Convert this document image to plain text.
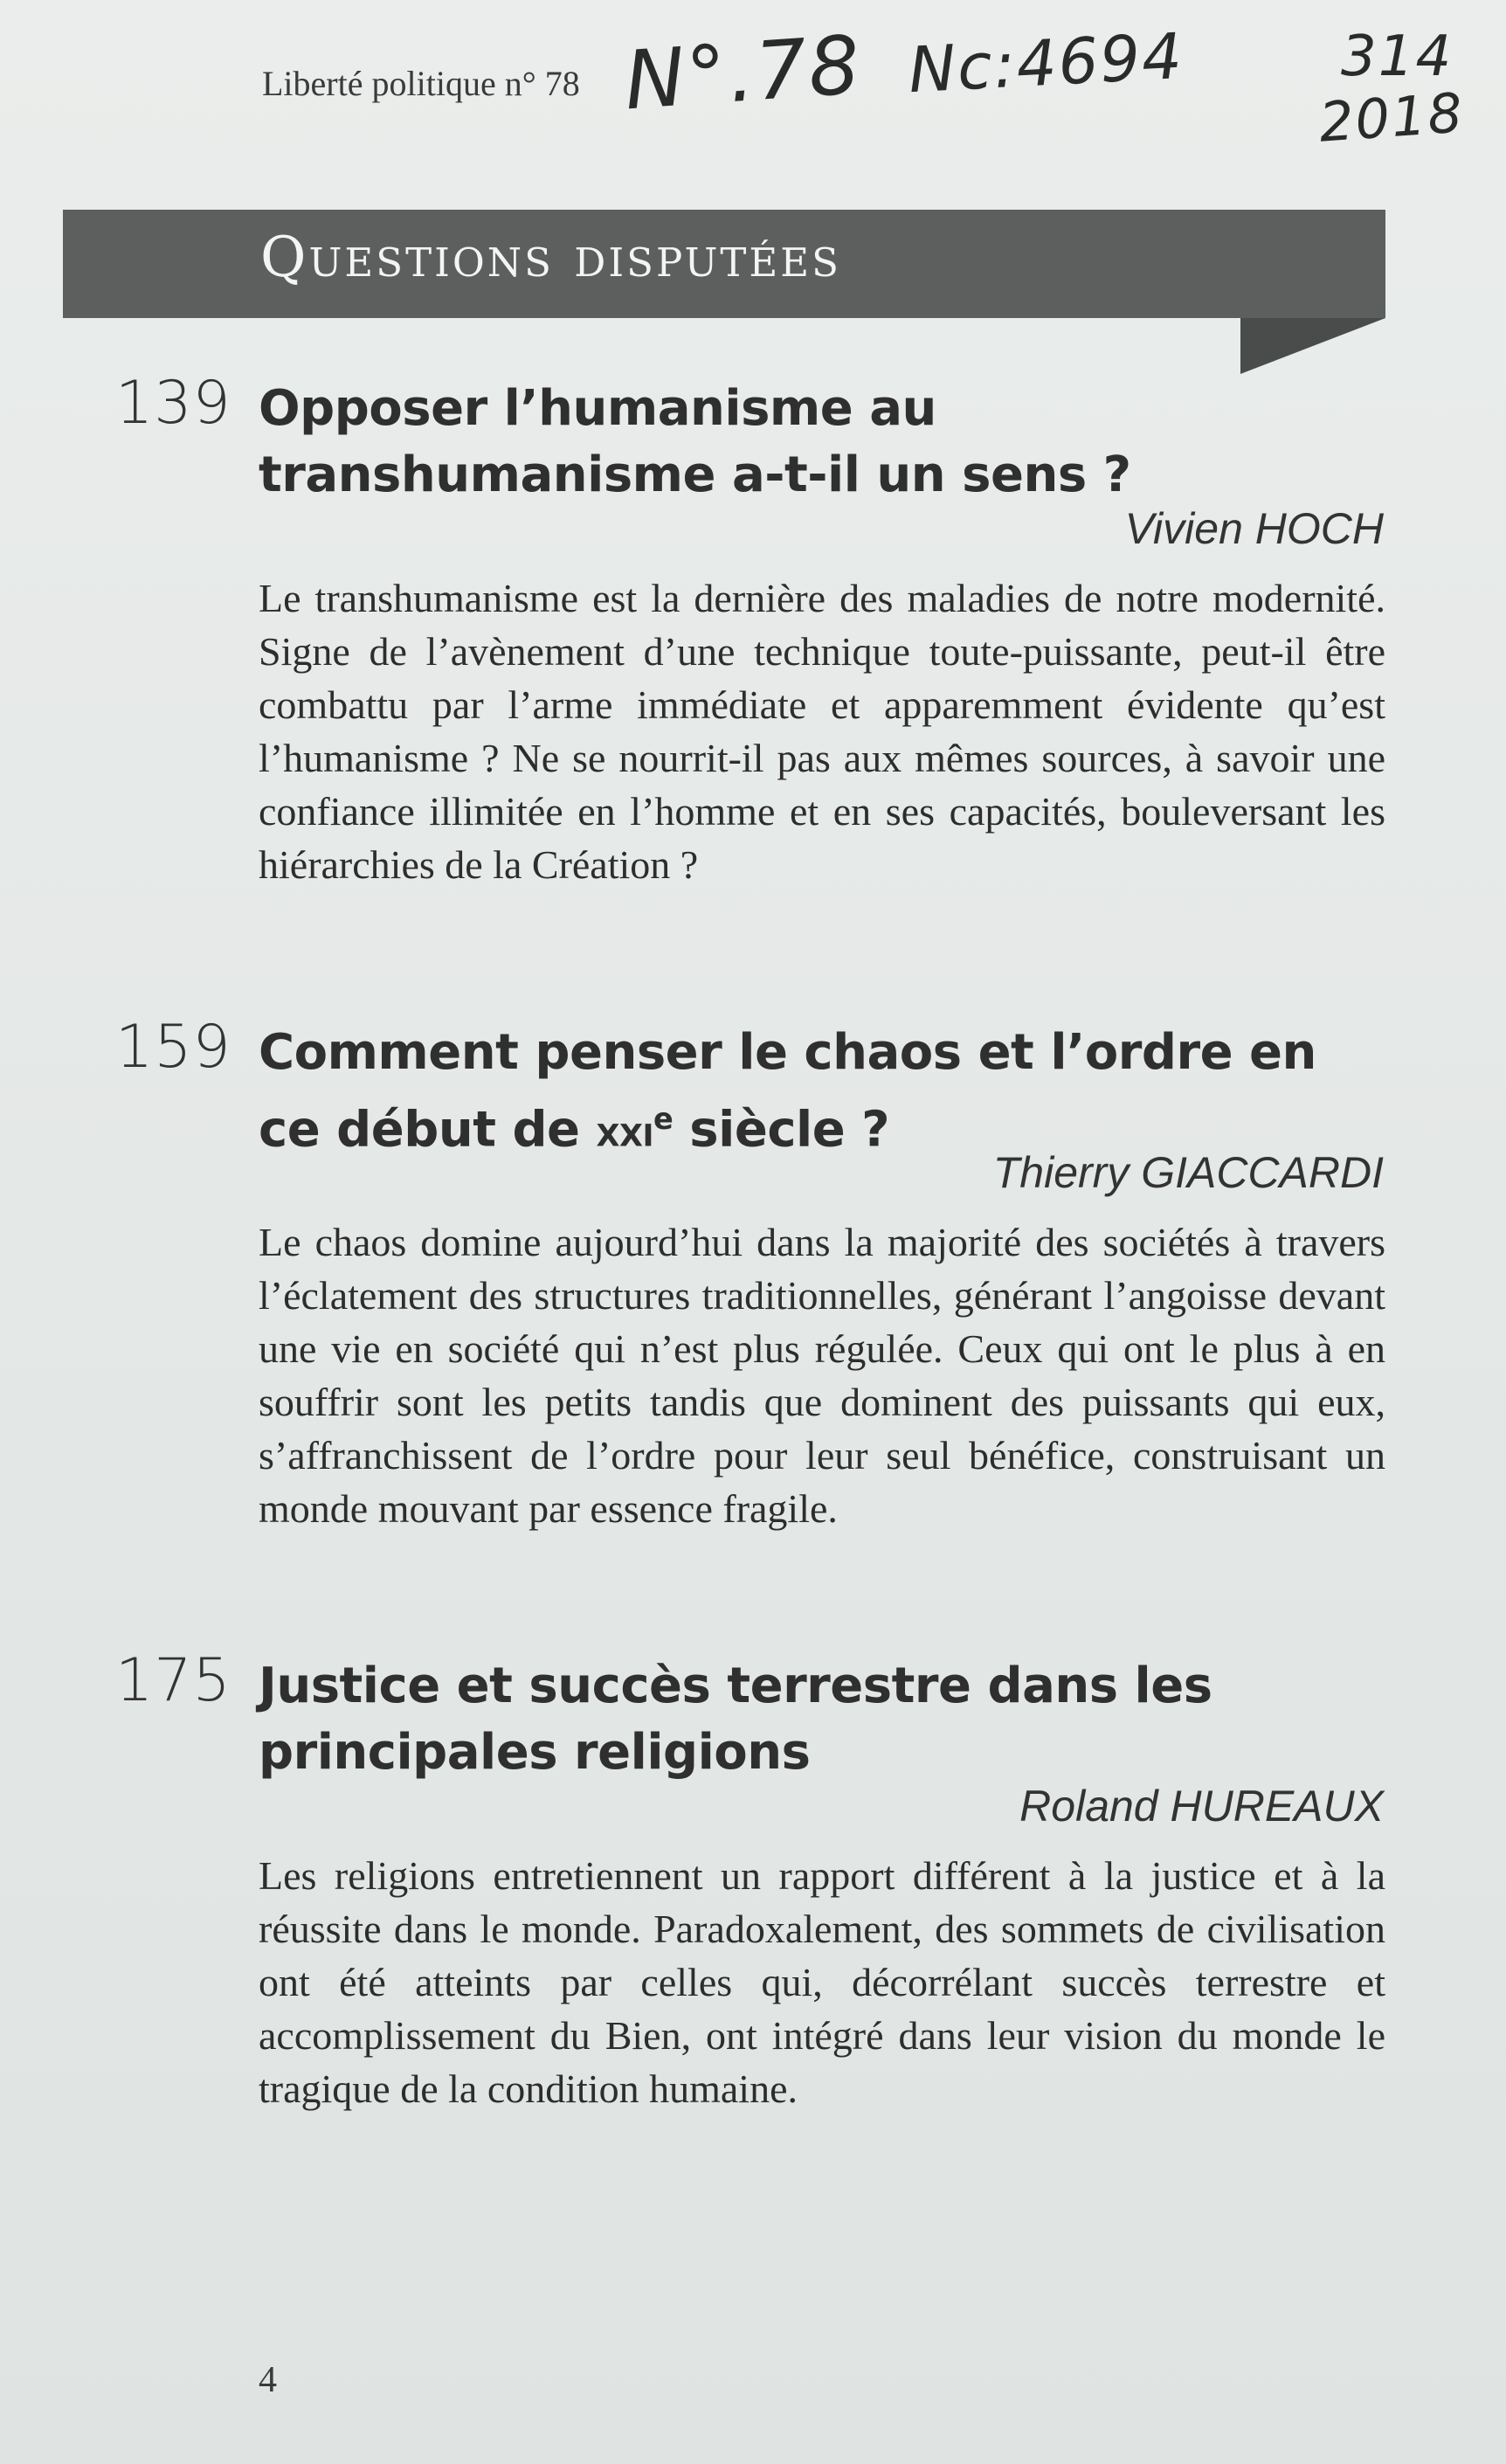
Liberté politique n° 78 N°.78 Nc:4694	314
2018
Questions disputées
139 Opposer l’humanisme au transhumanisme a-t-il un sens ?
Vivien HOCH
Le transhumanisme est la dernière des maladies de notre modernité. Signe de l’avènement d’une technique toute-puissante, peut-il être combattu par l’arme immédiate et apparemment évidente qu’est l’humanisme ? Ne se nourrit-il pas aux mêmes sources, à savoir une confiance illimitée en l’homme et en ses capacités, bouleversant les hiérarchies de la Création ?
159 Comment penser le chaos et l’ordre en ce début de xxi$^e$ siècle ?
Thierry GIACCARDI
Le chaos domine aujourd’hui dans la majorité des sociétés à travers l’éclatement des structures traditionnelles, générant l’angoisse devant une vie en société qui n’est plus régulée. Ceux qui ont le plus à en souffrir sont les petits tandis que dominent des puissants qui eux, s’affranchissent de l’ordre pour leur seul bénéfice, construisant un monde mouvant par essence fragile.
175 Justice et succès terrestre dans les principales religions
Roland HUREAUX
Les religions entretiennent un rapport différent à la justice et à la réussite dans le monde. Paradoxalement, des sommets de civilisation ont été atteints par celles qui, décorrélant succès terrestre et accomplissement du Bien, ont intégré dans leur vision du monde le tragique de la condition humaine.
4
